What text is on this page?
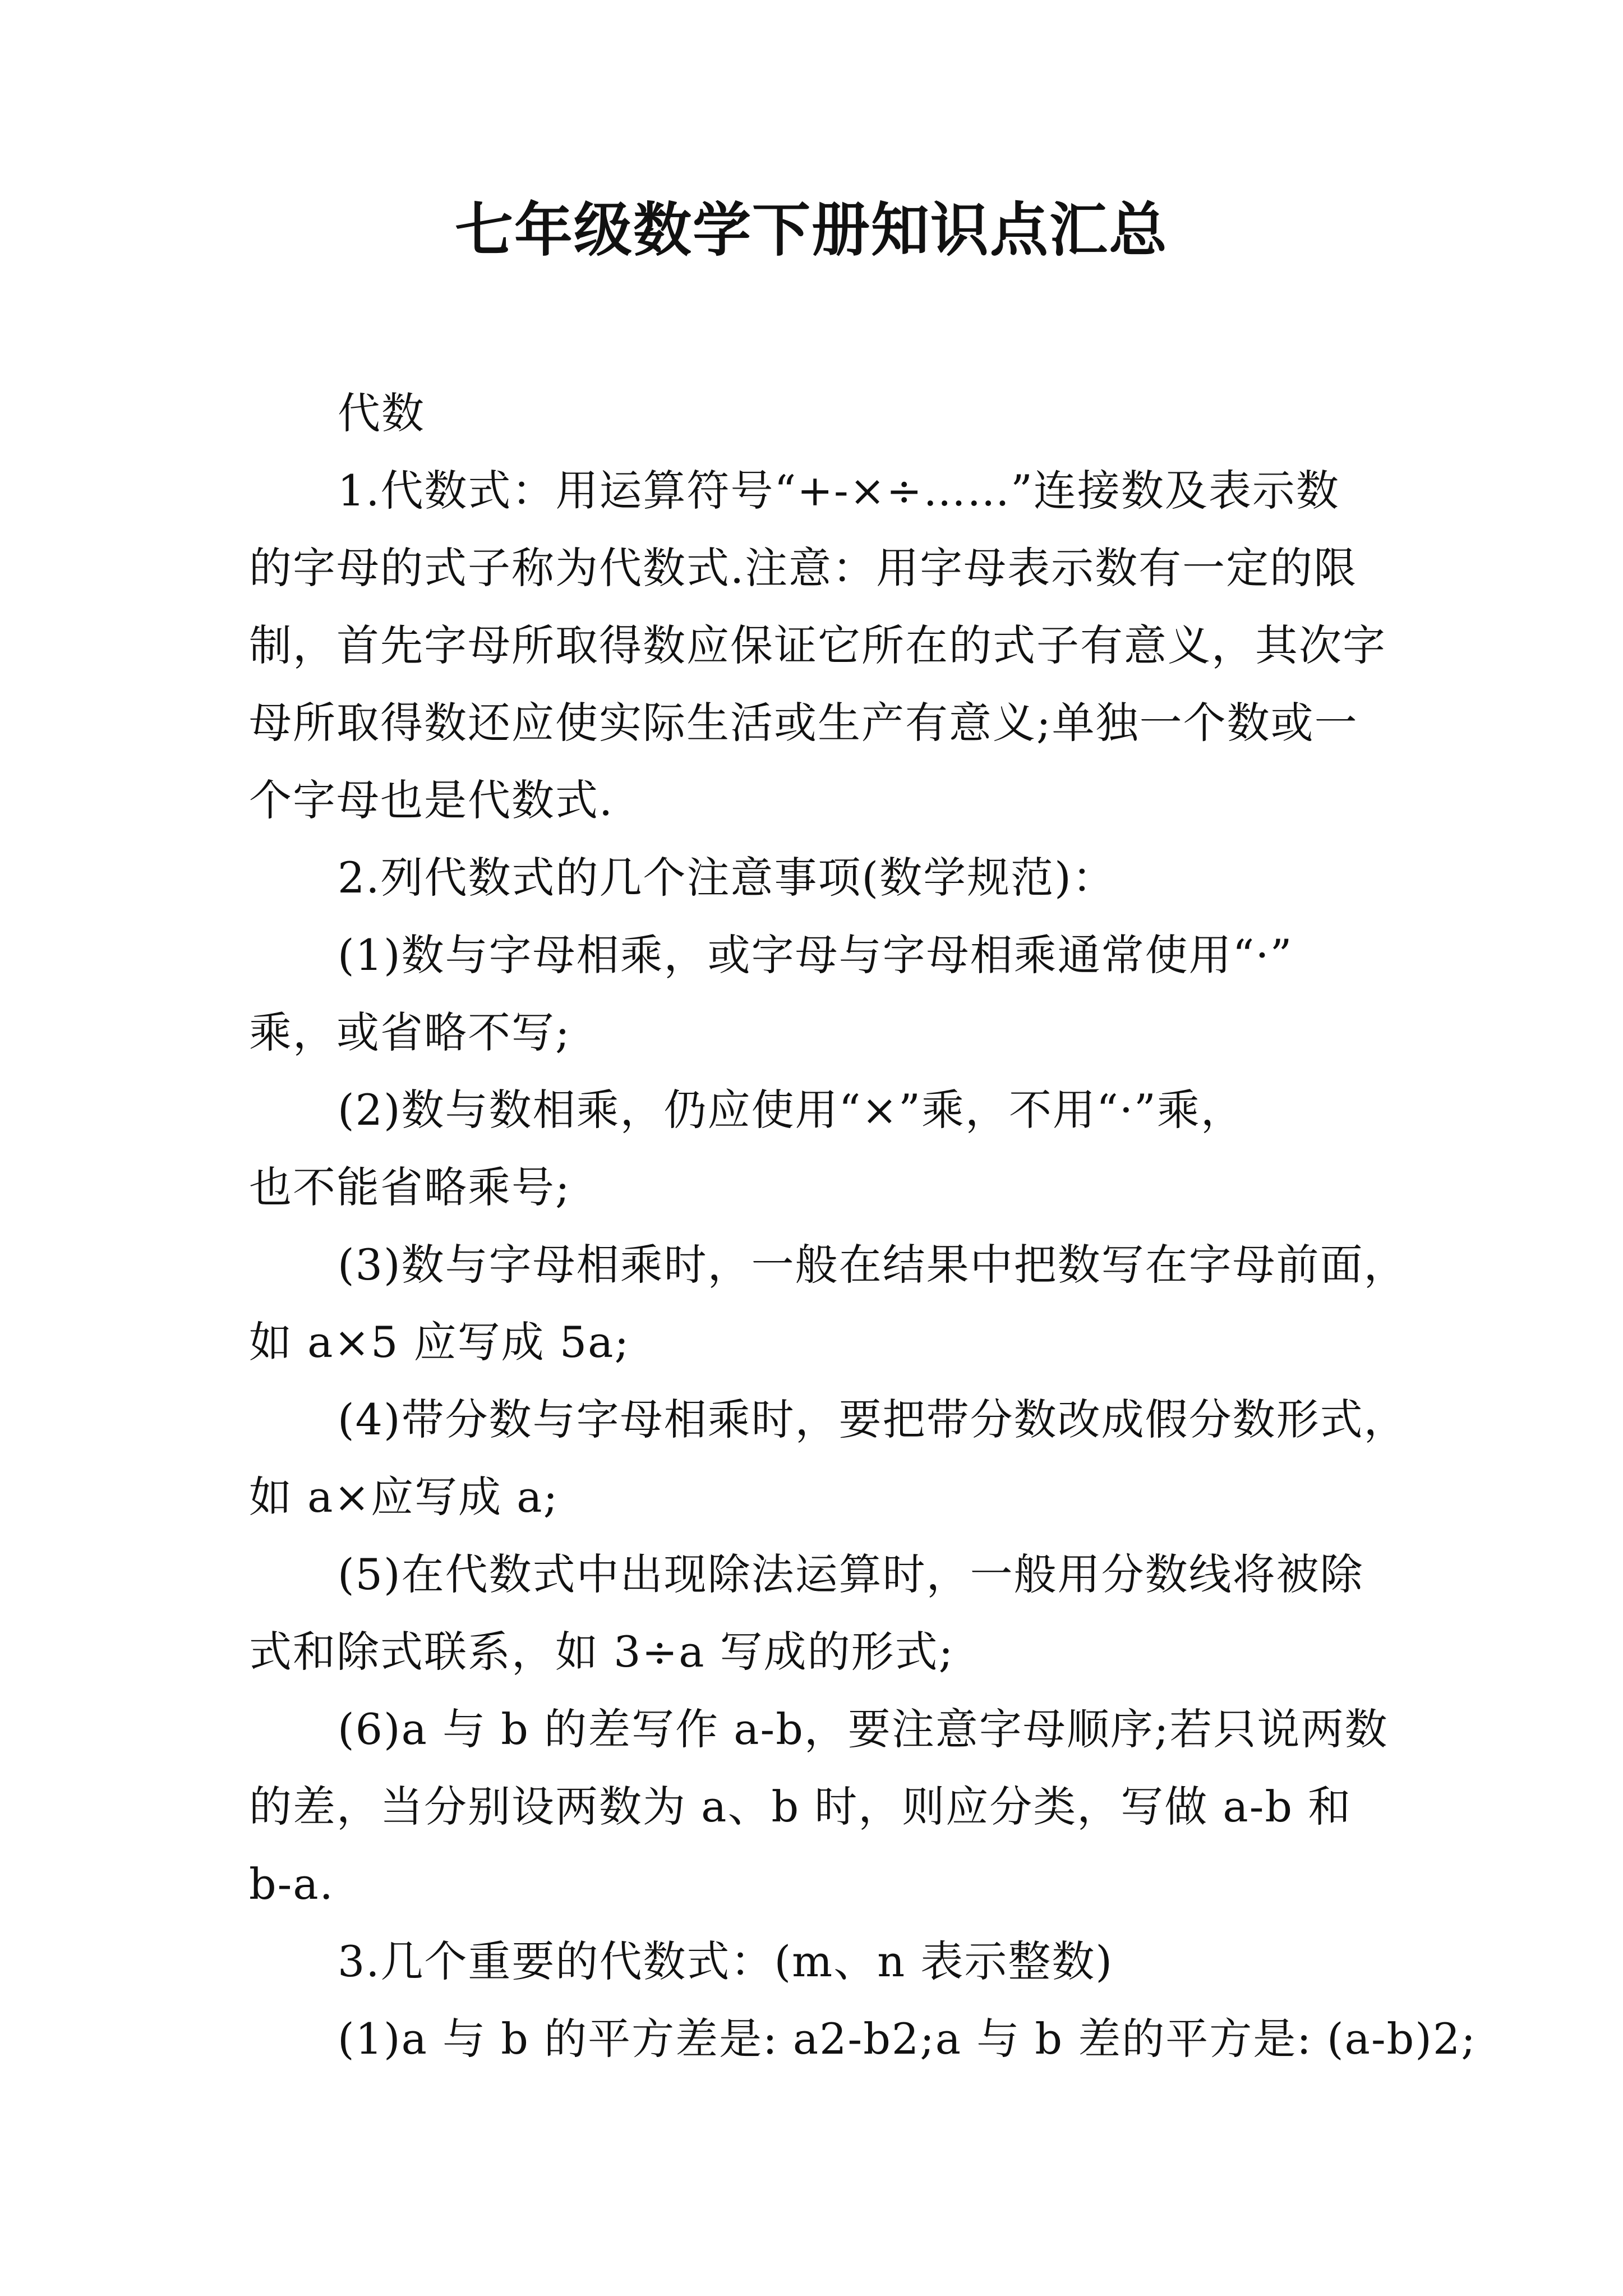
七年级数学下册知识点汇总
代数
1.代数式：用运算符号“+-×÷……”连接数及表示数
的字母的式子称为代数式.注意：用字母表示数有一定的限
制，首先字母所取得数应保证它所在的式子有意义，其次字
母所取得数还应使实际生活或生产有意义;单独一个数或一
个字母也是代数式.
2.列代数式的几个注意事项(数学规范)：
(1)数与字母相乘，或字母与字母相乘通常使用“·”
乘，或省略不写;
(2)数与数相乘，仍应使用“×”乘，不用“·”乘，
也不能省略乘号;
(3)数与字母相乘时，一般在结果中把数写在字母前面，
如 a×5 应写成 5a;
(4)带分数与字母相乘时，要把带分数改成假分数形式，
如 a×应写成 a;
(5)在代数式中出现除法运算时，一般用分数线将被除
式和除式联系，如 3÷a 写成的形式;
(6)a 与 b 的差写作 a-b，要注意字母顺序;若只说两数
的差，当分别设两数为 a、b 时，则应分类，写做 a-b 和
b-a.
3.几个重要的代数式：(m、n 表示整数)
(1)a 与 b 的平方差是: a2-b2;a 与 b 差的平方是: (a-b)2;
